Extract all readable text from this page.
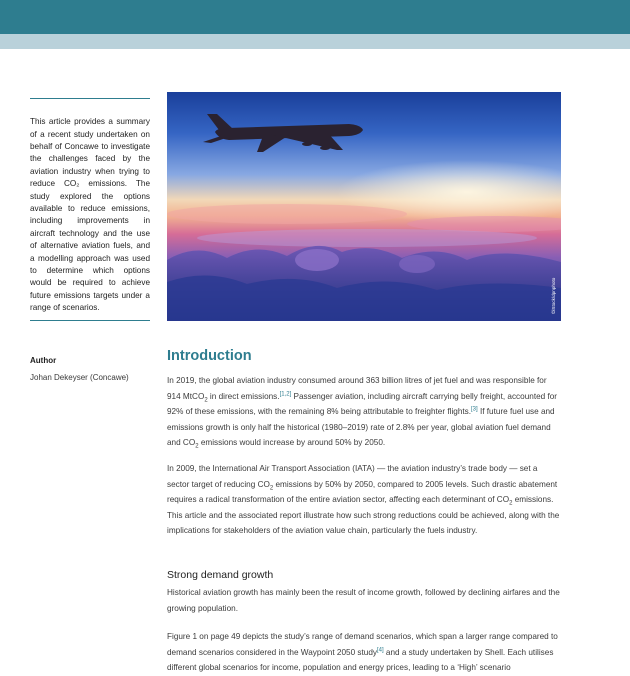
This article provides a summary of a recent study undertaken on behalf of Concawe to investigate the challenges faced by the aviation industry when trying to reduce CO₂ emissions. The study explored the options available to reduce emissions, including improvements in aircraft technology and the use of alternative aviation fuels, and a modelling approach was used to determine which options would be required to achieve future emissions targets under a range of scenarios.	©iStock/dpnphoto
Author
Johan Dekeyser (Concawe)
Introduction

In 2019, the global aviation industry consumed around 363 billion litres of jet fuel and was responsible for 914 MtCO$_2$ in direct emissions.[1,2] Passenger aviation, including aircraft carrying belly freight, accounted for 92% of these emissions, with the remaining 8% being attributable to freighter flights.[3] If future fuel use and emissions growth is only half the historical (1980–2019) rate of 2.8% per year, global aviation fuel demand and $CO_2$ emissions would increase by around 50% by 2050.

In 2009, the International Air Transport Association (IATA) — the aviation industry’s trade body — set a sector target of reducing $CO_2$ emissions by 50% by 2050, compared to 2005 levels. Such drastic abatement requires a radical transformation of the entire aviation sector, affecting each determinant of $CO_2$ emissions. This article and the associated report illustrate how such strong reductions could be achieved, along with the implications for stakeholders of the aviation value chain, particularly the fuels industry.

Strong demand growth

Historical aviation growth has mainly been the result of income growth, followed by declining airfares and the growing population.

Figure 1 on page 49 depicts the study’s range of demand scenarios, which span a larger range compared to demand scenarios considered in the Waypoint 2050 study[4] and a study undertaken by Shell. Each utilises different global scenarios for income, population and energy prices, leading to a ‘High’ scenario
